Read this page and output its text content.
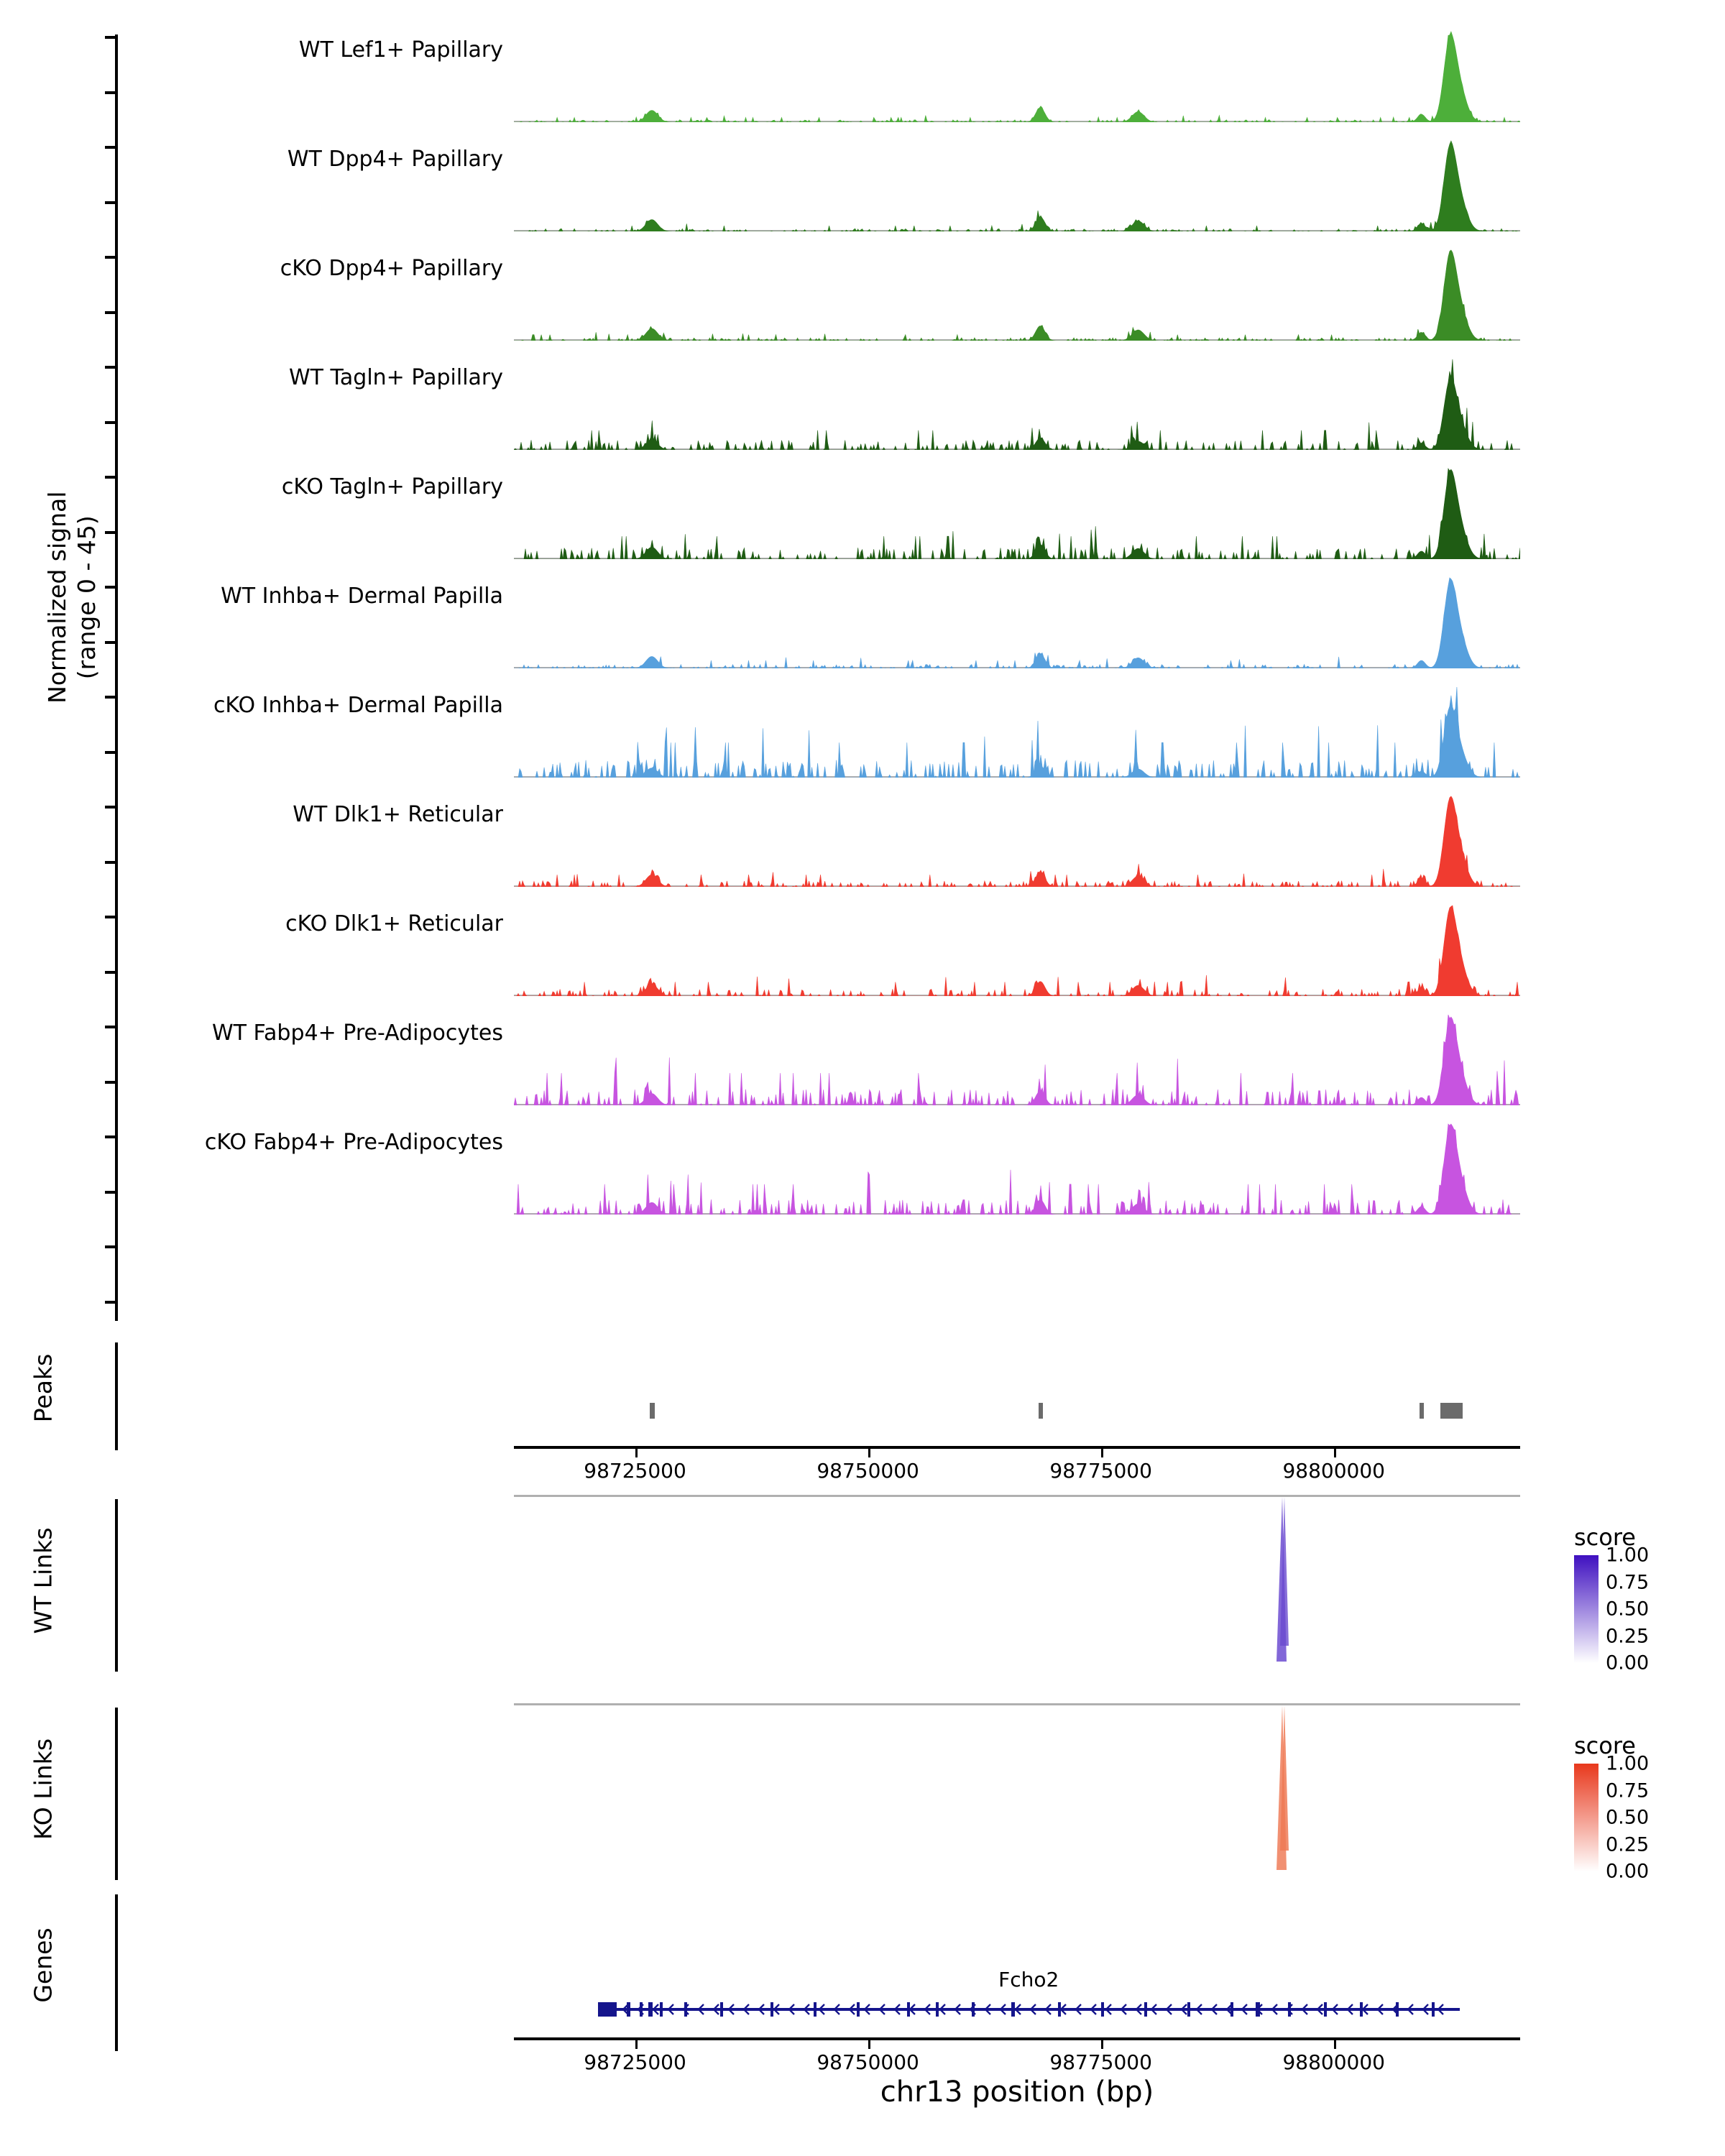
Normalized signal (range 0 - 45)
WT Lef1+ Papillary
WT Dpp4+ Papillary
cKO Dpp4+ Papillary
WT Tagln+ Papillary
cKO Tagln+ Papillary
WT Inhba+ Dermal Papilla
cKO Inhba+ Dermal Papilla
WT Dlk1+ Reticular
cKO Dlk1+ Reticular
WT Fabp4+ Pre-Adipocytes
cKO Fabp4+ Pre-Adipocytes
Peaks
98725000	98750000	98775000	98800000
WT Links	score
1.00
0.75
0.50
0.25
0.00
KO Links	score
1.00
0.75
0.50
0.25
0.00
Genes	Fcho2
98725000	98750000	98775000	98800000
chr13 position (bp)
